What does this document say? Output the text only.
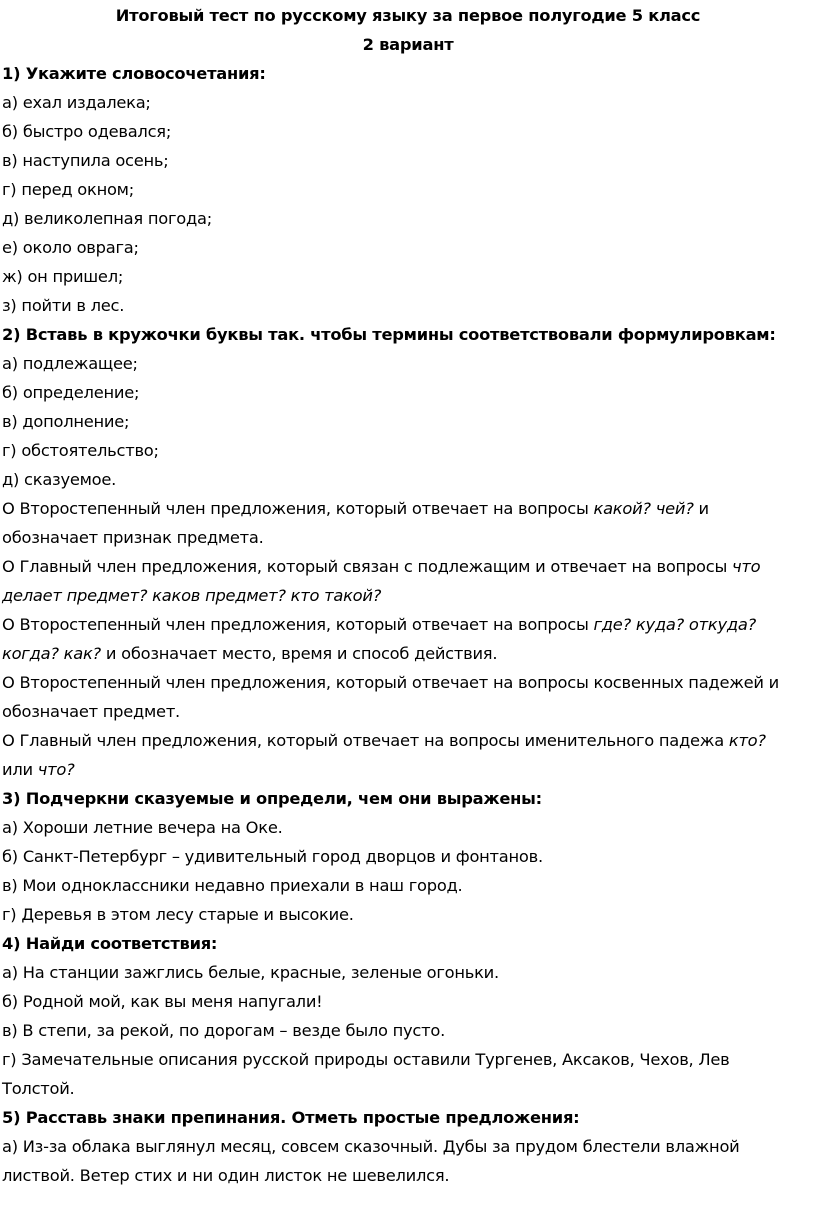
Итоговый тест по русскому языку за первое полугодие 5 класс
2 вариант
1) Укажите словосочетания:
а) ехал издалека;
б) быстро одевался;
в) наступила осень;
г) перед окном;
д) великолепная погода;
е) около оврага;
ж) он пришел;
з) пойти в лес.
2) Вставь в кружочки буквы так. чтобы термины соответствовали формулировкам:
а) подлежащее;
б) определение;
в) дополнение;
г) обстоятельство;
д) сказуемое.
О Второстепенный член предложения, который отвечает на вопросы какой? чей? и
обозначает признак предмета.
О Главный член предложения, который связан с подлежащим и отвечает на вопросы что
делает предмет? каков предмет? кто такой?
О Второстепенный член предложения, который отвечает на вопросы где? куда? откуда?
когда? как? и обозначает место, время и способ действия.
О Второстепенный член предложения, который отвечает на вопросы косвенных падежей и
обозначает предмет.
О Главный член предложения, который отвечает на вопросы именительного падежа кто?
или что?
3) Подчеркни сказуемые и определи, чем они выражены:
а) Хороши летние вечера на Оке.
б) Санкт-Петербург – удивительный город дворцов и фонтанов.
в) Мои одноклассники недавно приехали в наш город.
г) Деревья в этом лесу старые и высокие.
4) Найди соответствия:
а) На станции зажглись белые, красные, зеленые огоньки.
б) Родной мой, как вы меня напугали!
в) В степи, за рекой, по дорогам – везде было пусто.
г) Замечательные описания русской природы оставили Тургенев, Аксаков, Чехов, Лев
Толстой.
5) Расставь знаки препинания. Отметь простые предложения:
а) Из-за облака выглянул месяц, совсем сказочный. Дубы за прудом блестели влажной
листвой. Ветер стих и ни один листок не шевелился.
